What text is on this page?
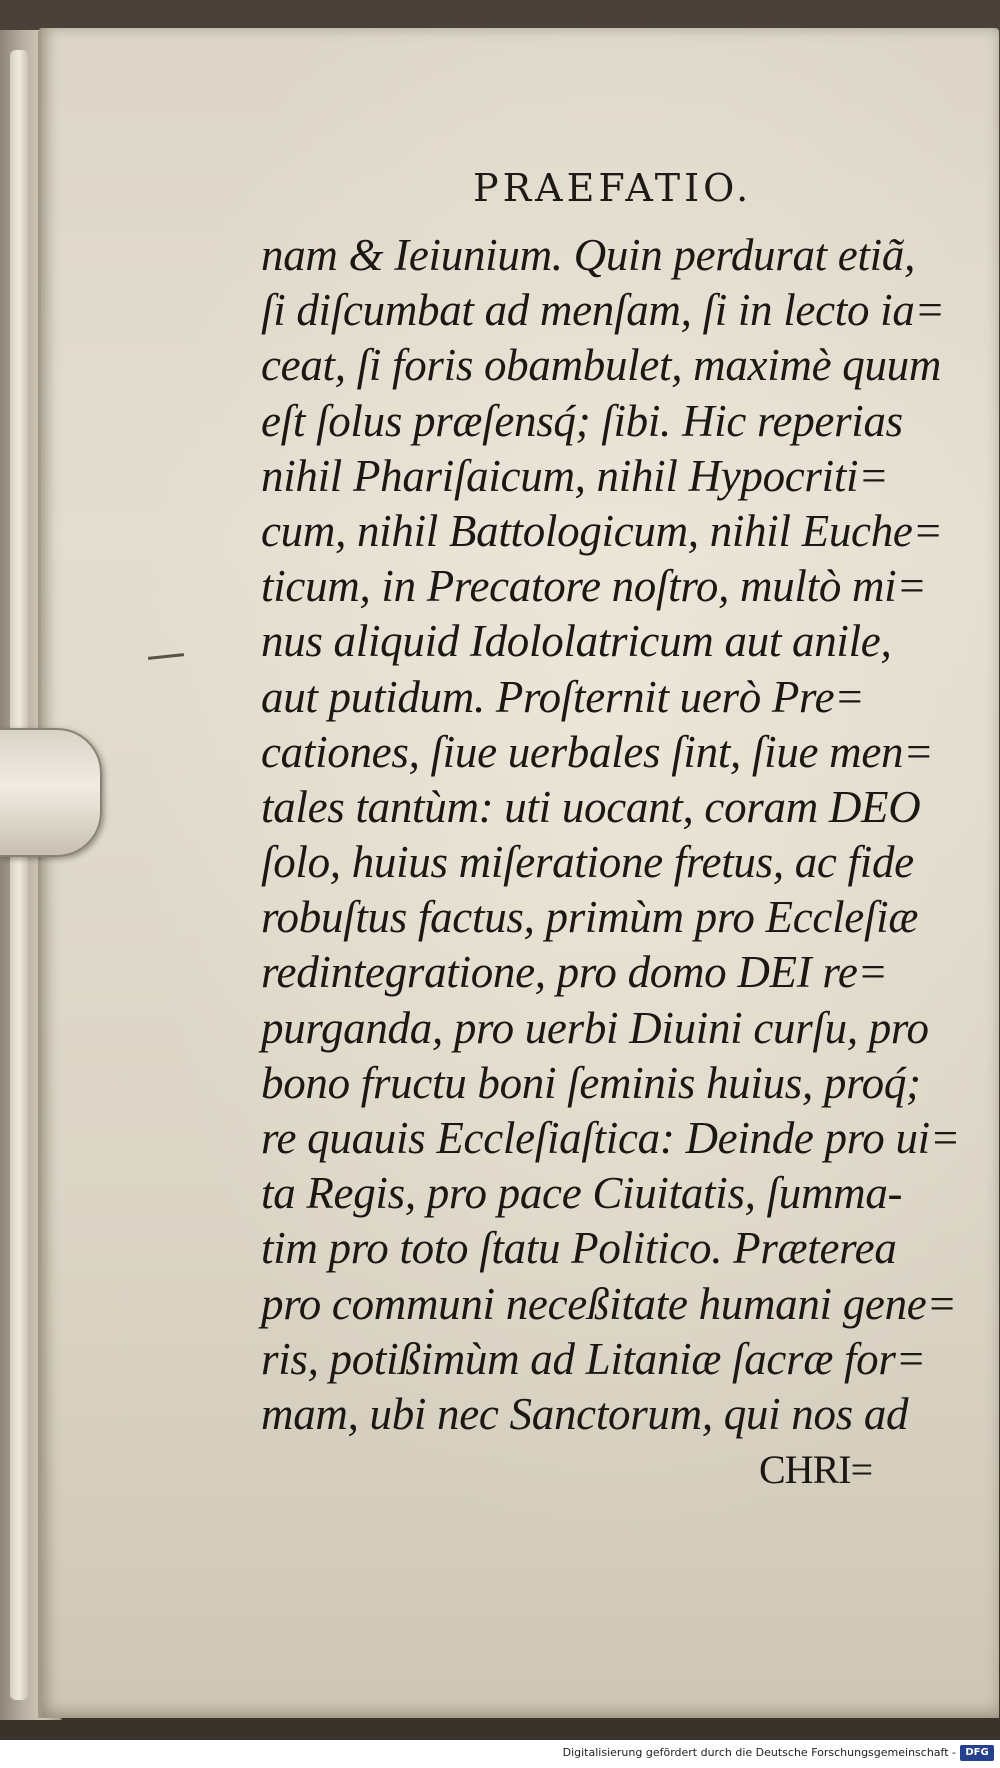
PRAEFATIO.
nam & Ieiunium. Quin perdurat etiã,
ſi diſcumbat ad menſam, ſi in lecto ia=
ceat, ſi foris obambulet, maximè quum
eſt ſolus præſensq́; ſibi. Hic reperias
nihil Phariſaicum, nihil Hypocriti=
cum, nihil Battologicum, nihil Euche=
ticum, in Precatore noſtro, multò mi=
nus aliquid Idololatricum aut anile,
aut putidum. Proſternit uerò Pre=
cationes, ſiue uerbales ſint, ſiue men=
tales tantùm: uti uocant, coram DEO
ſolo, huius miſeratione fretus, ac fide
robuſtus factus, primùm pro Eccleſiæ
redintegratione, pro domo DEI re=
purganda, pro uerbi Diuini curſu, pro
bono fructu boni ſeminis huius, proq́;
re quauis Eccleſiaſtica: Deinde pro ui=
ta Regis, pro pace Ciuitatis, ſumma-
tim pro toto ſtatu Politico. Præterea
pro communi neceßitate humani gene=
ris, potißimùm ad Litaniæ ſacræ for=
mam, ubi nec Sanctorum, qui nos ad
CHRI=
Digitalisierung gefördert durch die Deutsche Forschungsgemeinschaft - DFG
